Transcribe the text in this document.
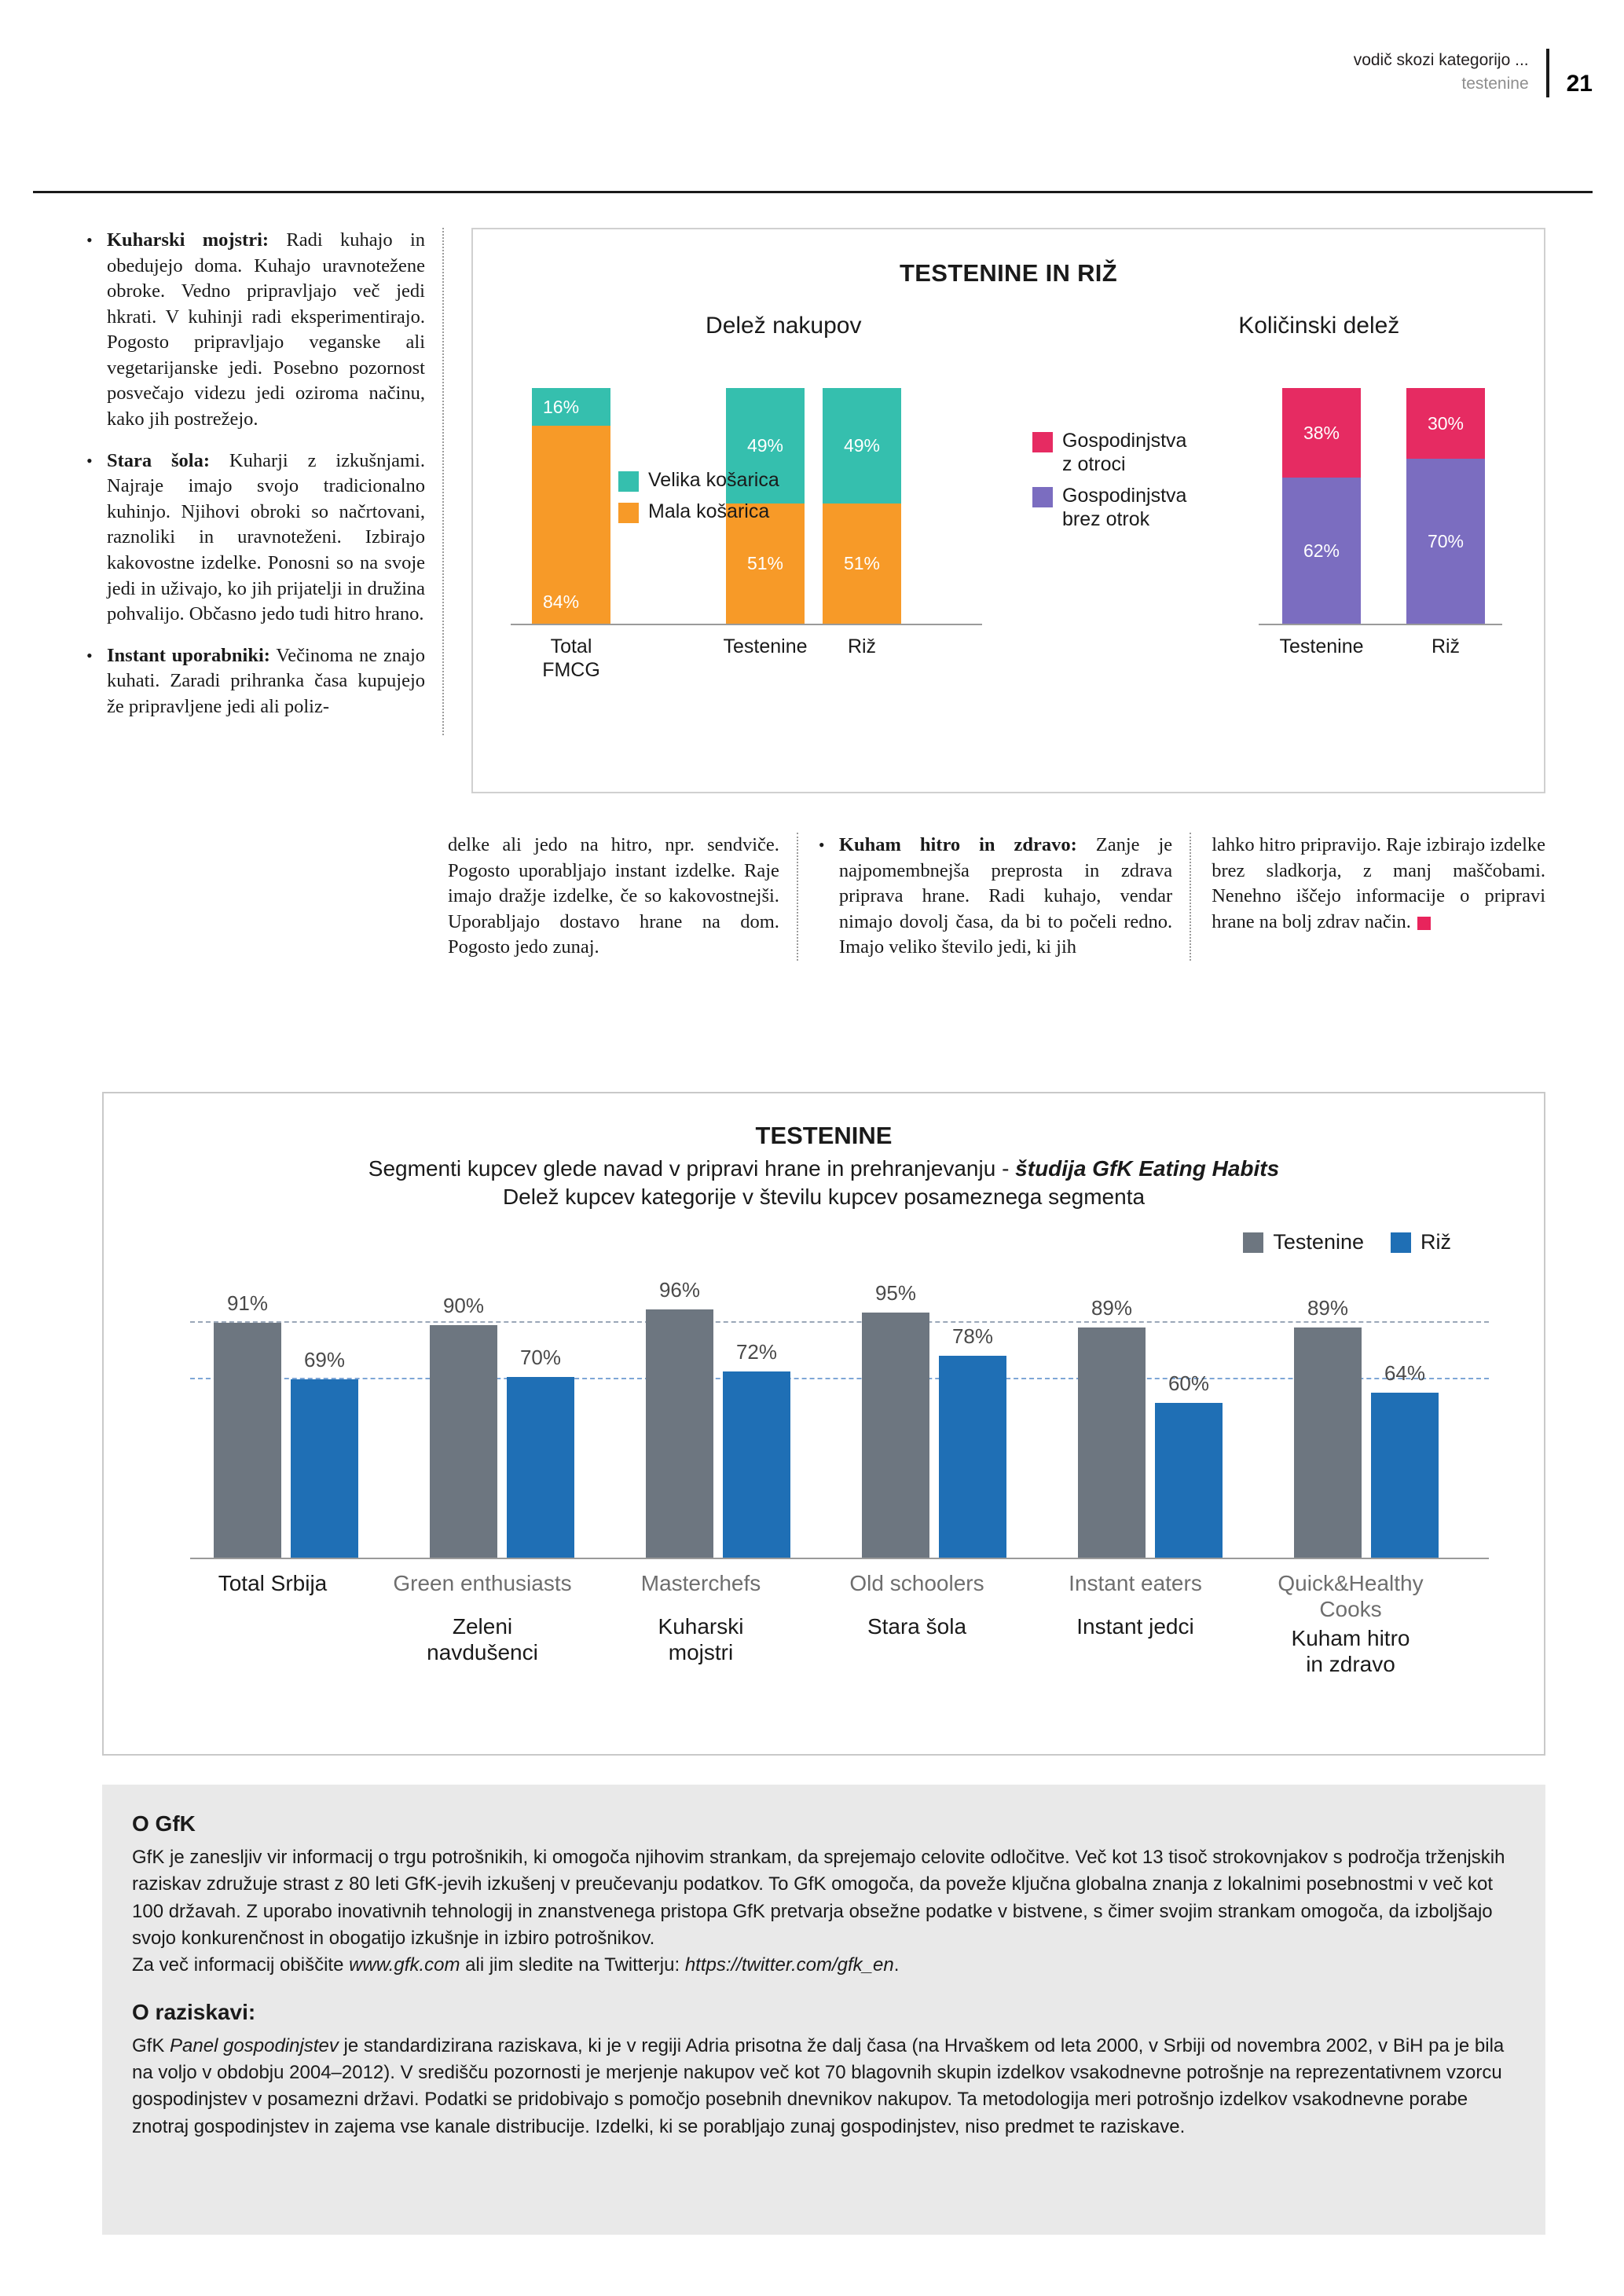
vodič skozi kategorijo ...
testenine	21
• Kuharski mojstri: Radi kuhajo in obedujejo doma. Kuhajo uravnotežene obroke. Vedno pripravljajo več jedi hkrati. V kuhinji radi eksperimentirajo. Pogosto pripravljajo veganske ali vegetarijanske jedi. Posebno pozornost posvečajo videzu jedi oziroma načinu, kako jih postrežejo.
• Stara šola: Kuharji z izkušnjami. Najraje imajo svojo tradicionalno kuhinjo. Njihovi obroki so načrtovani, raznoliki in uravnoteženi. Izbirajo kakovostne izdelke. Ponosni so na svoje jedi in uživajo, ko jih prijatelji in družina pohvalijo. Občasno jedo tudi hitro hrano.
• Instant uporabniki: Večinoma ne znajo kuhati. Zaradi prihranka časa kupujejo že pripravljene jedi ali poliz-
TESTENINE IN RIŽ
Delež nakupov	Količinski delež
16%
84%
Total
FMCG
49%
51%
Testenine
49%
51%
Riž
Velika košarica
Mala košarica
38%
62%
Testenine
30%
70%
Riž
Gospodinjstva
z otroci
Gospodinjstva
brez otrok
delke ali jedo na hitro, npr. sendviče. Pogosto uporabljajo instant izdelke. Raje imajo dražje izdelke, če so kakovostnejši. Uporabljajo dostavo hrane na dom. Pogosto jedo zunaj.
• Kuham hitro in zdravo: Zanje je najpomembnejša preprosta in zdrava priprava hrane. Radi kuhajo, vendar nimajo dovolj časa, da bi to počeli redno. Imajo veliko število jedi, ki jih
lahko hitro pripravijo. Raje izbirajo izdelke brez sladkorja, z manj maščobami. Nenehno iščejo informacije o pripravi hrane na bolj zdrav način.
TESTENINE
Segmenti kupcev glede navad v pripravi hrane in prehranjevanju - študija GfK Eating Habits
Delež kupcev kategorije v številu kupcev posameznega segmenta
Testenine	Riž
91%
69%
90%
70%
96%
72%
95%
78%
89%
60%
89%
64%
Total Srbija	Green enthusiasts
Zeleni
navdušenci
Masterchefs
Kuharski
mojstri
Old schoolers
Stara šola
Instant eaters
Instant jedci
Quick&Healthy
Cooks
Kuham hitro
in zdravo
O GfK

GfK je zanesljiv vir informacij o trgu potrošnikih, ki omogoča njihovim strankam, da sprejemajo celovite odločitve. Več kot 13 tisoč strokovnjakov s področja trženjskih raziskav združuje strast z 80 leti GfK-jevih izkušenj v preučevanju podatkov. To GfK omogoča, da poveže ključna globalna znanja z lokalnimi posebnostmi v več kot 100 državah. Z uporabo inovativnih tehnologij in znanstvenega pristopa GfK pretvarja obsežne podatke v bistvene, s čimer svojim strankam omogoča, da izboljšajo svojo konkurenčnost in obogatijo izkušnje in izbiro potrošnikov.

Za več informacij obiščite www.gfk.com ali jim sledite na Twitterju: https://twitter.com/gfk_en.

O raziskavi:

GfK Panel gospodinjstev je standardizirana raziskava, ki je v regiji Adria prisotna že dalj časa (na Hrvaškem od leta 2000, v Srbiji od novembra 2002, v BiH pa je bila na voljo v obdobju 2004–2012). V središču pozornosti je merjenje nakupov več kot 70 blagovnih skupin izdelkov vsakodnevne potrošnje na reprezentativnem vzorcu gospodinjstev v posamezni državi. Podatki se pridobivajo s pomočjo posebnih dnevnikov nakupov. Ta metodologija meri potrošnjo izdelkov vsakodnevne porabe znotraj gospodinjstev in zajema vse kanale distribucije. Izdelki, ki se porabljajo zunaj gospodinjstev, niso predmet te raziskave.
